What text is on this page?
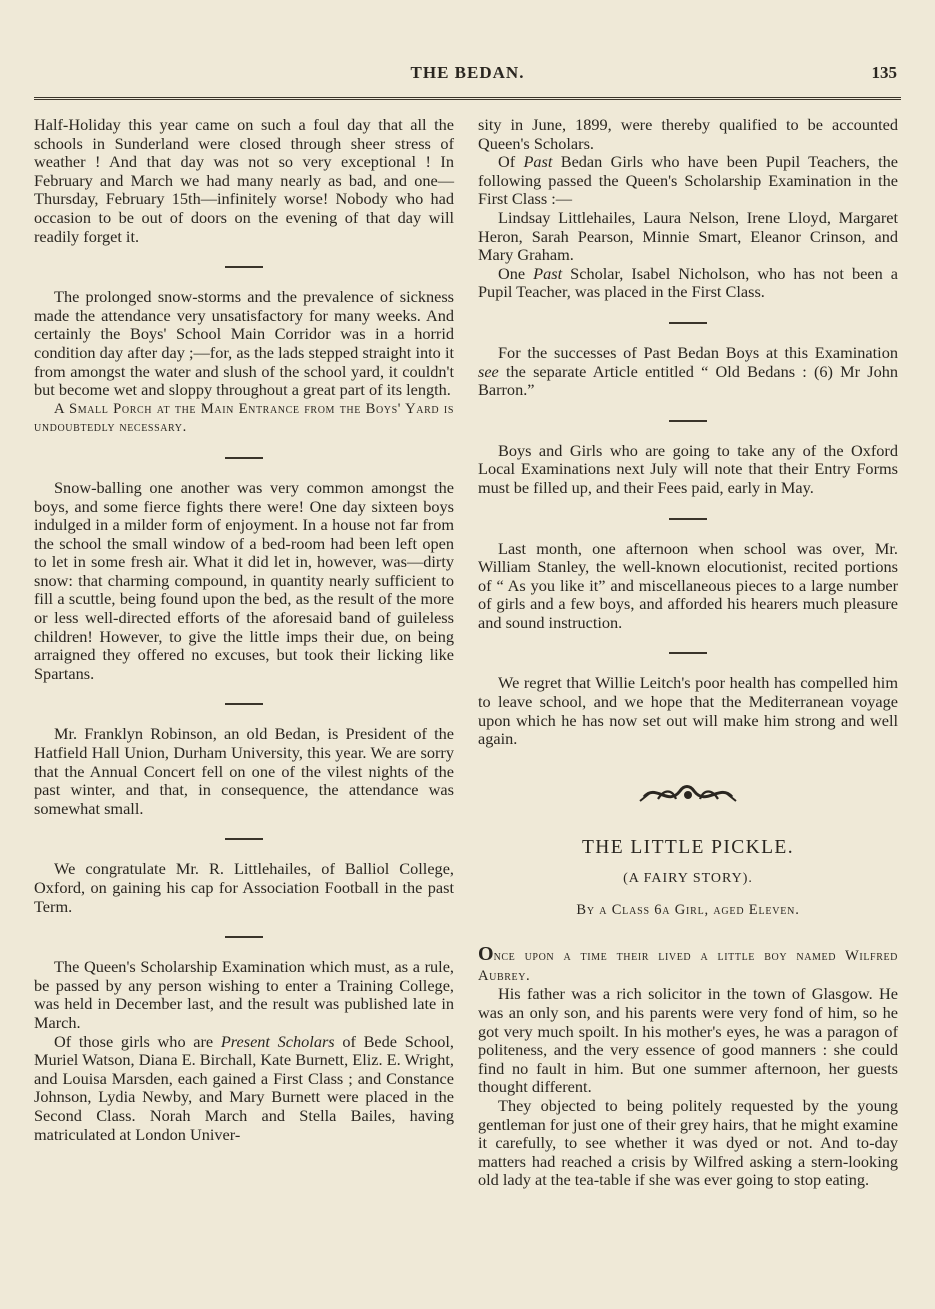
THE BEDAN.	135

Half-Holiday this year came on such a foul day that all the schools in Sunderland were closed through sheer stress of weather ! And that day was not so very exceptional ! In February and March we had many nearly as bad, and one—Thursday, February 15th—infinitely worse! Nobody who had occasion to be out of doors on the evening of that day will readily forget it.

The prolonged snow-storms and the prevalence of sickness made the attendance very unsatisfactory for many weeks. And certainly the Boys' School Main Corridor was in a horrid condition day after day ;—for, as the lads stepped straight into it from amongst the water and slush of the school yard, it couldn't but become wet and sloppy throughout a great part of its length.

A Small Porch at the Main Entrance from the Boys' Yard is undoubtedly necessary.

Snow-balling one another was very common amongst the boys, and some fierce fights there were! One day sixteen boys indulged in a milder form of enjoyment. In a house not far from the school the small window of a bed-room had been left open to let in some fresh air. What it did let in, however, was—dirty snow: that charming compound, in quantity nearly sufficient to fill a scuttle, being found upon the bed, as the result of the more or less well-directed efforts of the aforesaid band of guileless children! However, to give the little imps their due, on being arraigned they offered no excuses, but took their licking like Spartans.

Mr. Franklyn Robinson, an old Bedan, is President of the Hatfield Hall Union, Durham University, this year. We are sorry that the Annual Concert fell on one of the vilest nights of the past winter, and that, in consequence, the attendance was somewhat small.

We congratulate Mr. R. Littlehailes, of Balliol College, Oxford, on gaining his cap for Association Football in the past Term.

The Queen's Scholarship Examination which must, as a rule, be passed by any person wishing to enter a Training College, was held in December last, and the result was published late in March.

Of those girls who are Present Scholars of Bede School, Muriel Watson, Diana E. Birchall, Kate Burnett, Eliz. E. Wright, and Louisa Marsden, each gained a First Class ; and Constance Johnson, Lydia Newby, and Mary Burnett were placed in the Second Class. Norah March and Stella Bailes, having matriculated at London Univer-

sity in June, 1899, were thereby qualified to be accounted Queen's Scholars.

Of Past Bedan Girls who have been Pupil Teachers, the following passed the Queen's Scholarship Examination in the First Class :—

Lindsay Littlehailes, Laura Nelson, Irene Lloyd, Margaret Heron, Sarah Pearson, Minnie Smart, Eleanor Crinson, and Mary Graham.

One Past Scholar, Isabel Nicholson, who has not been a Pupil Teacher, was placed in the First Class.

For the successes of Past Bedan Boys at this Examination see the separate Article entitled “ Old Bedans : (6) Mr John Barron.”

Boys and Girls who are going to take any of the Oxford Local Examinations next July will note that their Entry Forms must be filled up, and their Fees paid, early in May.

Last month, one afternoon when school was over, Mr. William Stanley, the well-known elocutionist, recited portions of “ As you like it” and miscellaneous pieces to a large number of girls and a few boys, and afforded his hearers much pleasure and sound instruction.

We regret that Willie Leitch's poor health has compelled him to leave school, and we hope that the Mediterranean voyage upon which he has now set out will make him strong and well again.

THE LITTLE PICKLE.
(A FAIRY STORY).
By a Class 6a Girl, aged Eleven.

Once upon a time their lived a little boy named Wilfred Aubrey.

His father was a rich solicitor in the town of Glasgow. He was an only son, and his parents were very fond of him, so he got very much spoilt. In his mother's eyes, he was a paragon of politeness, and the very essence of good manners : she could find no fault in him. But one summer afternoon, her guests thought different.

They objected to being politely requested by the young gentleman for just one of their grey hairs, that he might examine it carefully, to see whether it was dyed or not. And to-day matters had reached a crisis by Wilfred asking a stern-looking old lady at the tea-table if she was ever going to stop eating.
